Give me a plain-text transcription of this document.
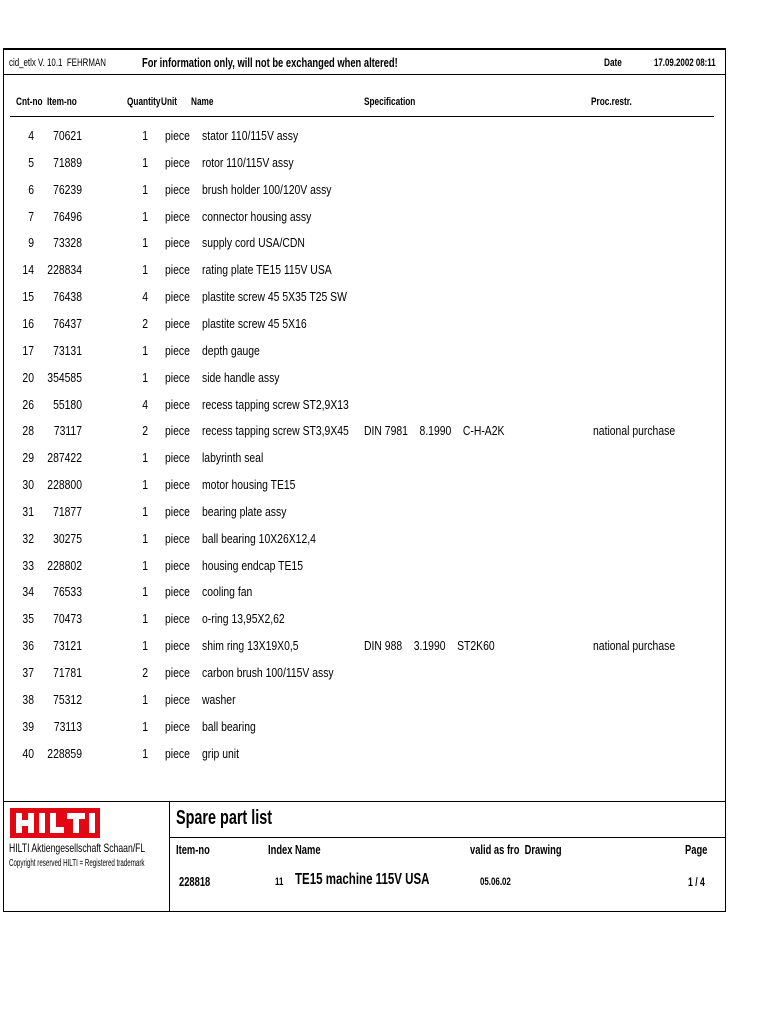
cid_etlx V. 10.1 FEHRMAN	For information only, will not be exchanged when altered!	Date	17.09.2002 08:11
Cnt-no Item-no	Quantity Unit	Name	Specification	Proc.restr.
4	70621	1 piece stator 110/115V assy
5	71889	1 piece rotor 110/115V assy
6	76239	1 piece brush holder 100/120V assy
7	76496	1 piece connector housing assy
9	73328	1 piece supply cord USA/CDN
14 228834	1 piece rating plate TE15 115V USA
15	76438	4 piece plastite screw 45 5X35 T25 SW
16	76437	2 piece plastite screw 45 5X16
17	73131	1 piece depth gauge
20 354585	1 piece side handle assy
26	55180	4 piece recess tapping screw ST2,9X13
28	73117	2 piece recess tapping screw ST3,9X45 DIN 7981    8.1990    C-H-A2K	national purchase
29 287422	1 piece labyrinth seal
30 228800	1 piece motor housing TE15
31	71877	1 piece bearing plate assy
32	30275	1 piece ball bearing 10X26X12,4
33 228802	1 piece housing endcap TE15
34	76533	1 piece cooling fan
35	70473	1 piece o-ring 13,95X2,62
36	73121	1 piece shim ring 13X19X0,5	DIN 988    3.1990    ST2K60	national purchase
37	71781	2 piece carbon brush 100/115V assy
38	75312	1 piece washer
39	73113	1 piece ball bearing
40 228859	1 piece grip unit
HILTI Aktiengesellschaft Schaan/FL
Copyright reserved HILTI = Registered trademark
Spare part list
Item-no	Index Name	valid as fro Drawing	Page
228818	11 TE15 machine 115V USA	05.06.02	1 / 4
